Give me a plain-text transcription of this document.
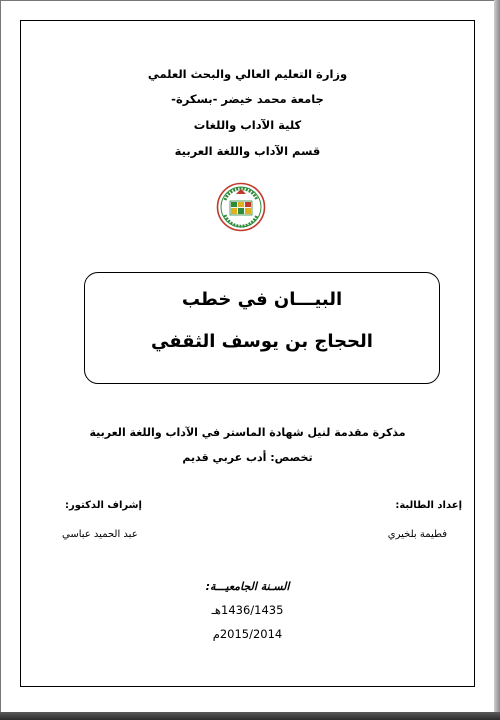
وزارة التعليم العالي والبحث العلمي
جامعة محمد خيضر -بسكرة-
كلية الآداب واللغات
قسم الآداب واللغة العربية
البيـــان في خطب
الحجاج بن يوسف الثقفي
مذكرة مقدمة لنيل شهادة الماستر في الآداب واللغة العربية
تخصص: أدب عربي قديم
إعداد الطالبة:
فطيمة بلخيري
إشراف الدكتور:
عبد الحميد عباسي
السـنة الجامعيـــة:
1436/1435هـ
2015/2014م
